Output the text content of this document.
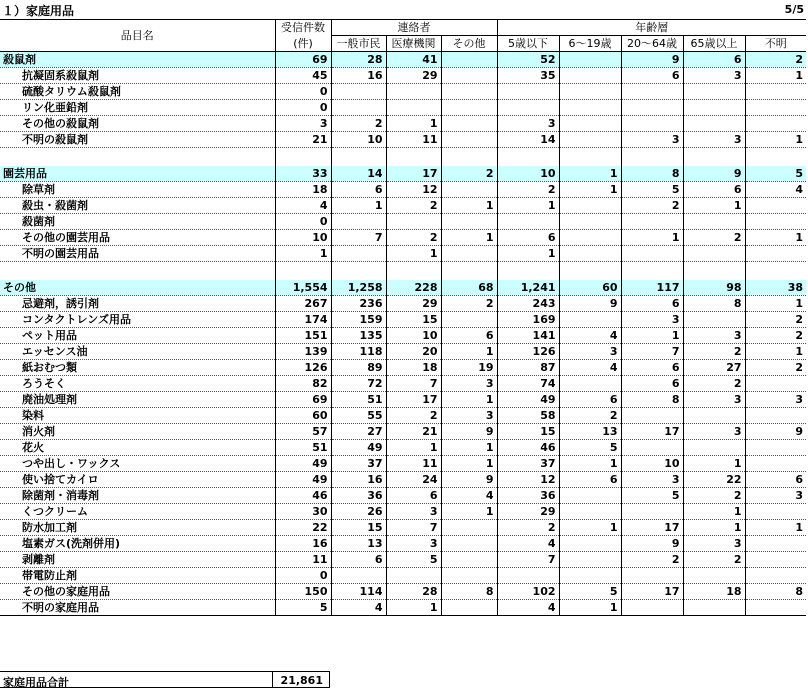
１）家庭用品	5/5
品目名	受信件数	連絡者			年齢層				
	(件)	一般市民	医療機関	その他	5歳以下	6～19歳	20～64歳	65歳以上	不明
殺鼠剤	69	28	41		52		9	6	2
抗凝固系殺鼠剤	45	16	29		35		6	3	1
硫酸タリウム殺鼠剤	0								
リン化亜鉛剤	0								
その他の殺鼠剤	3	2	1		3				
不明の殺鼠剤	21	10	11		14		3	3	1

園芸用品	33	14	17	2	10	1	8	9	5
除草剤	18	6	12		2	1	5	6	4
殺虫・殺菌剤	4	1	2	1	1		2	1	
殺菌剤	0								
その他の園芸用品	10	7	2	1	6		1	2	1
不明の園芸用品	1		1		1				

その他	1,554	1,258	228	68	1,241	60	117	98	38
忌避剤，誘引剤	267	236	29	2	243	9	6	8	1
コンタクトレンズ用品	174	159	15		169		3		2
ペット用品	151	135	10	6	141	4	1	3	2
エッセンス油	139	118	20	1	126	3	7	2	1
紙おむつ類	126	89	18	19	87	4	6	27	2
ろうそく	82	72	7	3	74		6	2	
廃油処理剤	69	51	17	1	49	6	8	3	3
染料	60	55	2	3	58	2			
消火剤	57	27	21	9	15	13	17	3	9
花火	51	49	1	1	46	5			
つや出し・ワックス	49	37	11	1	37	1	10	1	
使い捨てカイロ	49	16	24	9	12	6	3	22	6
除菌剤・消毒剤	46	36	6	4	36		5	2	3
くつクリーム	30	26	3	1	29			1	
防水加工剤	22	15	7		2	1	17	1	1
塩素ガス(洗剤併用)	16	13	3		4		9	3	
剥離剤	11	6	5		7		2	2	
帯電防止剤	0								
その他の家庭用品	150	114	28	8	102	5	17	18	8
不明の家庭用品	5	4	1		4	1			
家庭用品合計	21,861
